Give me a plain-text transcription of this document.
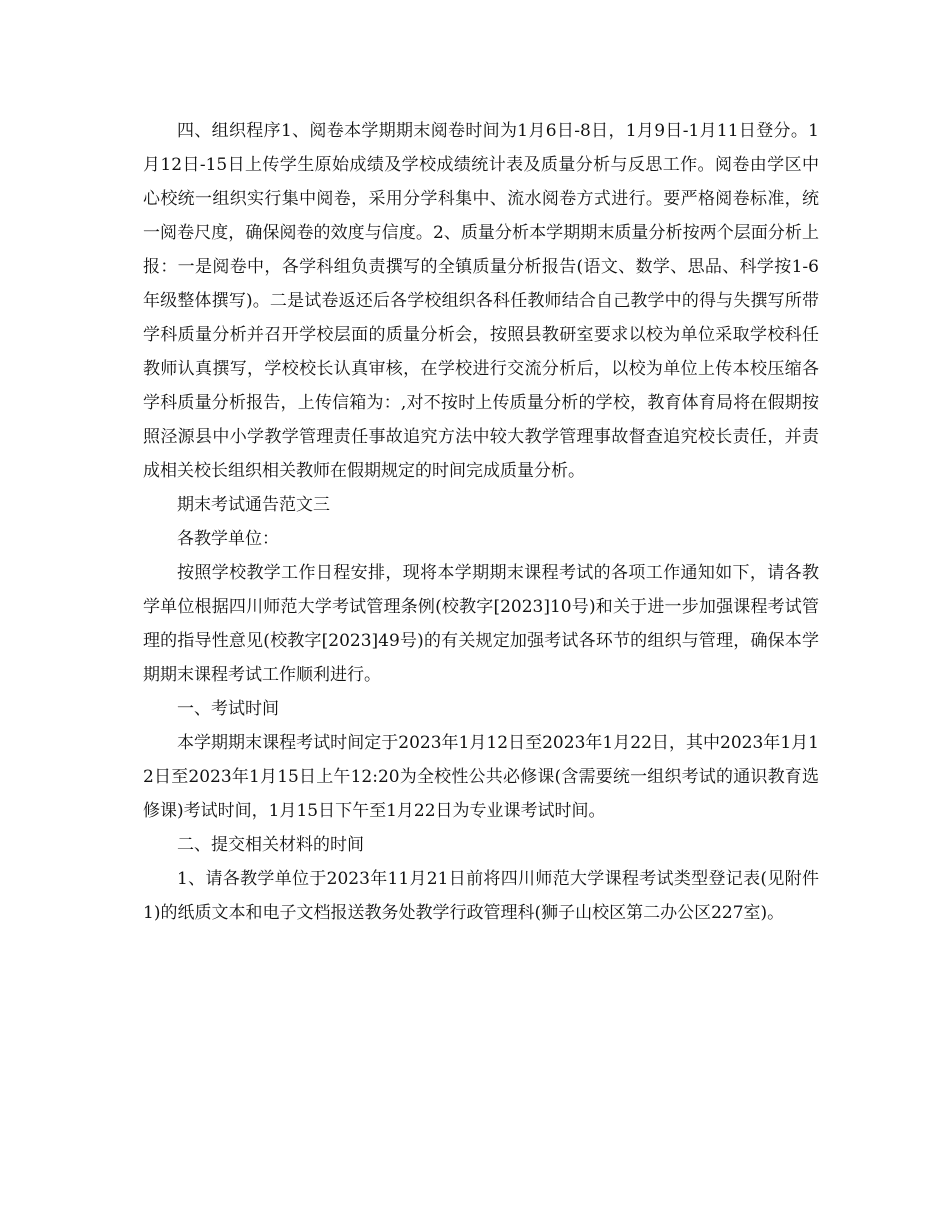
四、组织程序1、阅卷本学期期末阅卷时间为1月6日-8日，1月9日-1月11日登分。1月12日-15日上传学生原始成绩及学校成绩统计表及质量分析与反思工作。阅卷由学区中心校统一组织实行集中阅卷，采用分学科集中、流水阅卷方式进行。要严格阅卷标准，统一阅卷尺度，确保阅卷的效度与信度。2、质量分析本学期期末质量分析按两个层面分析上报：一是阅卷中，各学科组负责撰写的全镇质量分析报告(语文、数学、思品、科学按1-6年级整体撰写)。二是试卷返还后各学校组织各科任教师结合自己教学中的得与失撰写所带学科质量分析并召开学校层面的质量分析会，按照县教研室要求以校为单位采取学校科任教师认真撰写，学校校长认真审核，在学校进行交流分析后，以校为单位上传本校压缩各学科质量分析报告，上传信箱为：,对不按时上传质量分析的学校，教育体育局将在假期按照泾源县中小学教学管理责任事故追究方法中较大教学管理事故督查追究校长责任，并责成相关校长组织相关教师在假期规定的时间完成质量分析。

期末考试通告范文三

各教学单位：

按照学校教学工作日程安排，现将本学期期末课程考试的各项工作通知如下，请各教学单位根据四川师范大学考试管理条例(校教字[2023]10号)和关于进一步加强课程考试管理的指导性意见(校教字[2023]49号)的有关规定加强考试各环节的组织与管理，确保本学期期末课程考试工作顺利进行。

一、考试时间

本学期期末课程考试时间定于2023年1月12日至2023年1月22日，其中2023年1月12日至2023年1月15日上午12:20为全校性公共必修课(含需要统一组织考试的通识教育选修课)考试时间，1月15日下午至1月22日为专业课考试时间。

二、提交相关材料的时间

1、请各教学单位于2023年11月21日前将四川师范大学课程考试类型登记表(见附件1)的纸质文本和电子文档报送教务处教学行政管理科(狮子山校区第二办公区227室)。
